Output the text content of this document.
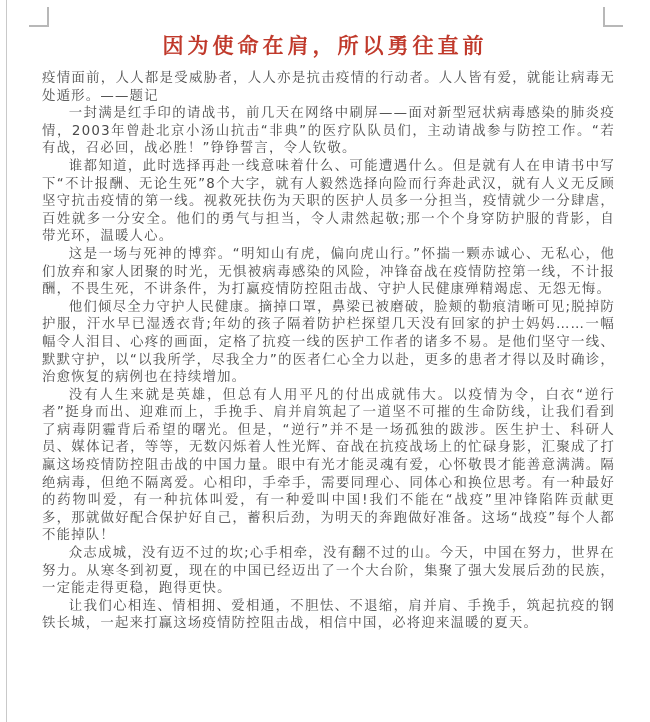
因为使命在肩，所以勇往直前

疫情面前，人人都是受威胁者，人人亦是抗击疫情的行动者。人人皆有爱，就能让病毒无处遁形。——题记

一封满是红手印的请战书，前几天在网络中刷屏——面对新型冠状病毒感染的肺炎疫情，2003年曾赴北京小汤山抗击“非典”的医疗队队员们，主动请战参与防控工作。“若有战，召必回，战必胜！”铮铮誓言，令人钦敬。

谁都知道，此时选择再赴一线意味着什么、可能遭遇什么。但是就有人在申请书中写下“不计报酬、无论生死”8个大字，就有人毅然选择向险而行奔赴武汉，就有人义无反顾坚守抗击疫情的第一线。视救死扶伤为天职的医护人员多一分担当，疫情就少一分肆虐，百姓就多一分安全。他们的勇气与担当，令人肃然起敬;那一个个身穿防护服的背影，自带光环，温暖人心。

这是一场与死神的博弈。“明知山有虎，偏向虎山行。”怀揣一颗赤诚心、无私心，他们放弃和家人团聚的时光，无惧被病毒感染的风险，冲锋奋战在疫情防控第一线，不计报酬，不畏生死，不讲条件，为打赢疫情防控阻击战、守护人民健康殚精竭虑、无怨无悔。

他们倾尽全力守护人民健康。摘掉口罩，鼻梁已被磨破，脸颊的勒痕清晰可见;脱掉防护服，汗水早已湿透衣背;年幼的孩子隔着防护栏探望几天没有回家的护士妈妈……一幅幅令人泪目、心疼的画面，定格了抗疫一线的医护工作者的诸多不易。是他们坚守一线、默默守护，以“以我所学，尽我全力”的医者仁心全力以赴，更多的患者才得以及时确诊，治愈恢复的病例也在持续增加。

没有人生来就是英雄，但总有人用平凡的付出成就伟大。以疫情为令，白衣“逆行者”挺身而出、迎难而上，手挽手、肩并肩筑起了一道坚不可摧的生命防线，让我们看到了病毒阴霾背后希望的曙光。但是，“逆行”并不是一场孤独的跋涉。医生护士、科研人员、媒体记者，等等，无数闪烁着人性光辉、奋战在抗疫战场上的忙碌身影，汇聚成了打赢这场疫情防控阻击战的中国力量。眼中有光才能灵魂有爱，心怀敬畏才能善意满满。隔绝病毒，但绝不隔离爱。心相印，手牵手，需要同理心、同体心和换位思考。有一种最好的药物叫爱，有一种抗体叫爱，有一种爱叫中国!我们不能在“战疫”里冲锋陷阵贡献更多，那就做好配合保护好自己，蓄积后劲，为明天的奔跑做好准备。这场“战疫”每个人都不能掉队！

众志成城，没有迈不过的坎;心手相牵，没有翻不过的山。今天，中国在努力，世界在努力。从寒冬到初夏，现在的中国已经迈出了一个大台阶，集聚了强大发展后劲的民族，一定能走得更稳，跑得更快。

让我们心相连、情相拥、爱相通，不胆怯、不退缩，肩并肩、手挽手，筑起抗疫的钢铁长城，一起来打赢这场疫情防控阻击战，相信中国，必将迎来温暖的夏天。
